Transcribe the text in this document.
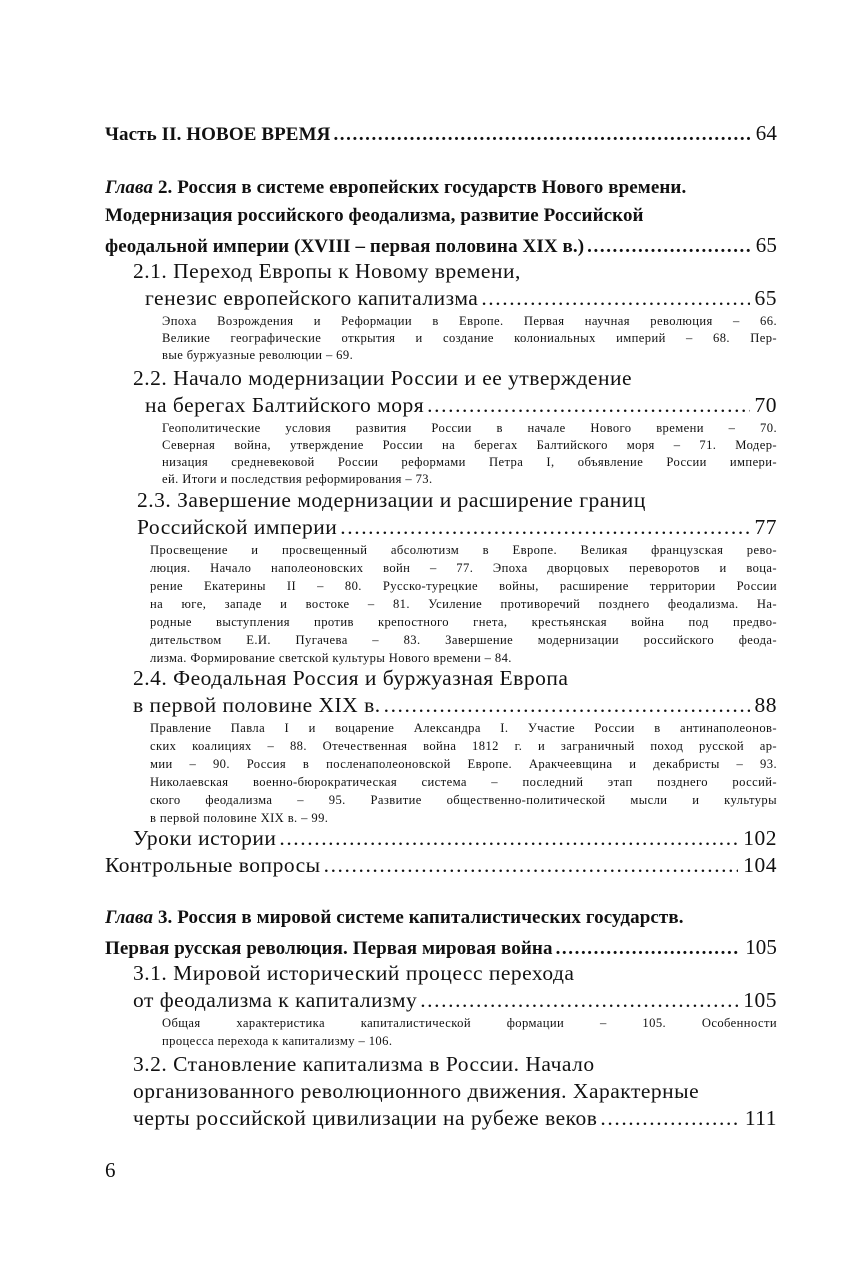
Часть II. НОВОЕ ВРЕМЯ .....	64
Глава 2. Россия в системе европейских государств Нового времени.
Модернизация российского феодализма, развитие Российской
феодальной империи (XVIII – первая половина XIX в.) .....	65
2.1. Переход Европы к Новому времени,
генезис европейского капитализма .....	65
Эпоха Возрождения и Реформации в Европе. Первая научная революция – 66.
Великие географические открытия и создание колониальных империй – 68. Пер-
вые буржуазные революции – 69.
2.2. Начало модернизации России и ее утверждение
на берегах Балтийского моря .....	70
Геополитические условия развития России в начале Нового времени – 70.
Северная война, утверждение России на берегах Балтийского моря – 71. Модер-
низация средневековой России реформами Петра I, объявление России импери-
ей. Итоги и последствия реформирования – 73.
2.3. Завершение модернизации и расширение границ
Российской империи .....	77
Просвещение и просвещенный абсолютизм в Европе. Великая французская рево-
люция. Начало наполеоновских войн – 77. Эпоха дворцовых переворотов и воца-
рение Екатерины II – 80. Русско-турецкие войны, расширение территории России
на юге, западе и востоке – 81. Усиление противоречий позднего феодализма. На-
родные выступления против крепостного гнета, крестьянская война под предво-
дительством Е.И. Пугачева – 83. Завершение модернизации российского феода-
лизма. Формирование светской культуры Нового времени – 84.
2.4. Феодальная Россия и буржуазная Европа
в первой половине XIX в. .....	88
Правление Павла I и воцарение Александра I. Участие России в антинаполеонов-
ских коалициях – 88. Отечественная война 1812 г. и заграничный поход русской ар-
мии – 90. Россия в посленаполеоновской Европе. Аракчеевщина и декабристы – 93.
Николаевская военно-бюрократическая система – последний этап позднего россий-
ского феодализма – 95. Развитие общественно-политической мысли и культуры
в первой половине XIX в. – 99.
Уроки истории .....	102
Контрольные вопросы .....	104
Глава 3. Россия в мировой системе капиталистических государств.
Первая русская революция. Первая мировая война .....	105
3.1. Мировой исторический процесс перехода
от феодализма к капитализму .....	105
Общая характеристика капиталистической формации – 105. Особенности
процесса перехода к капитализму – 106.
3.2. Становление капитализма в России. Начало
организованного революционного движения. Характерные
черты российской цивилизации на рубеже веков .....	111
6
